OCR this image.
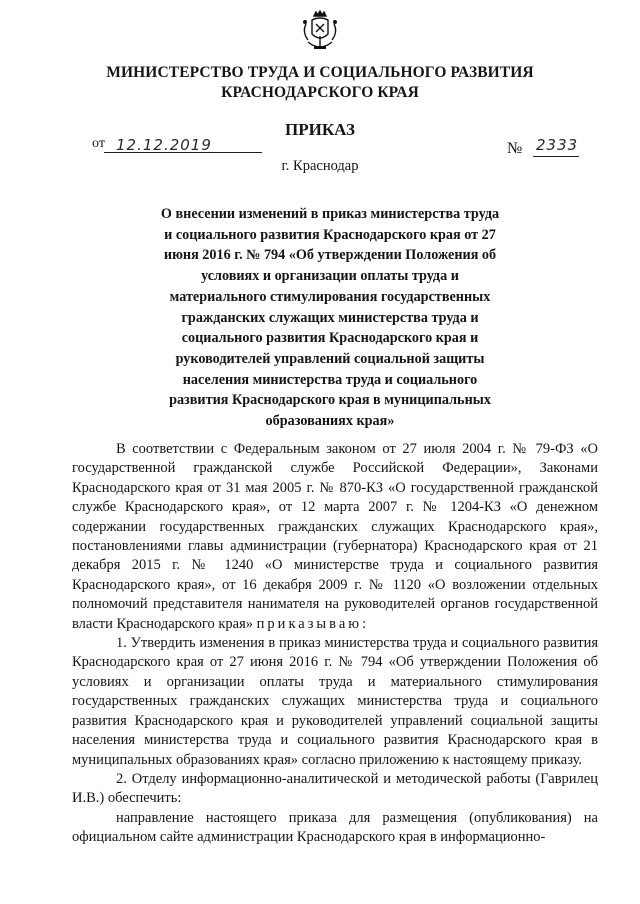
МИНИСТЕРСТВО ТРУДА И СОЦИАЛЬНОГО РАЗВИТИЯ
КРАСНОДАРСКОГО КРАЯ
ПРИКАЗ
от 12.12.2019	№ 2333
г. Краснодар
О внесении изменений в приказ министерства труда и социального развития Краснодарского края от 27 июня 2016 г. № 794 «Об утверждении Положения об условиях и организации оплаты труда и материального стимулирования государственных гражданских служащих министерства труда и социального развития Краснодарского края и руководителей управлений социальной защиты населения министерства труда и социального развития Краснодарского края в муниципальных образованиях края»

В соответствии с Федеральным законом от 27 июля 2004 г. № 79-ФЗ «О государственной гражданской службе Российской Федерации», Законами Краснодарского края от 31 мая 2005 г. № 870-КЗ «О государственной гражданской службе Краснодарского края», от 12 марта 2007 г. № 1204-КЗ «О денежном содержании государственных гражданских служащих Краснодарского края», постановлениями главы администрации (губернатора) Краснодарского края от 21 декабря 2015 г. № 1240 «О министерстве труда и социального развития Краснодарского края», от 16 декабря 2009 г. № 1120 «О возложении отдельных полномочий представителя нанимателя на руководителей органов государственной власти Краснодарского края» приказываю:

1. Утвердить изменения в приказ министерства труда и социального развития Краснодарского края от 27 июня 2016 г. № 794 «Об утверждении Положения об условиях и организации оплаты труда и материального стимулирования государственных гражданских служащих министерства труда и социального развития Краснодарского края и руководителей управлений социальной защиты населения министерства труда и социального развития Краснодарского края в муниципальных образованиях края» согласно приложению к настоящему приказу.

2. Отделу информационно-аналитической и методической работы (Гаврилец И.В.) обеспечить:

направление настоящего приказа для размещения (опубликования) на официальном сайте администрации Краснодарского края в информационно-
